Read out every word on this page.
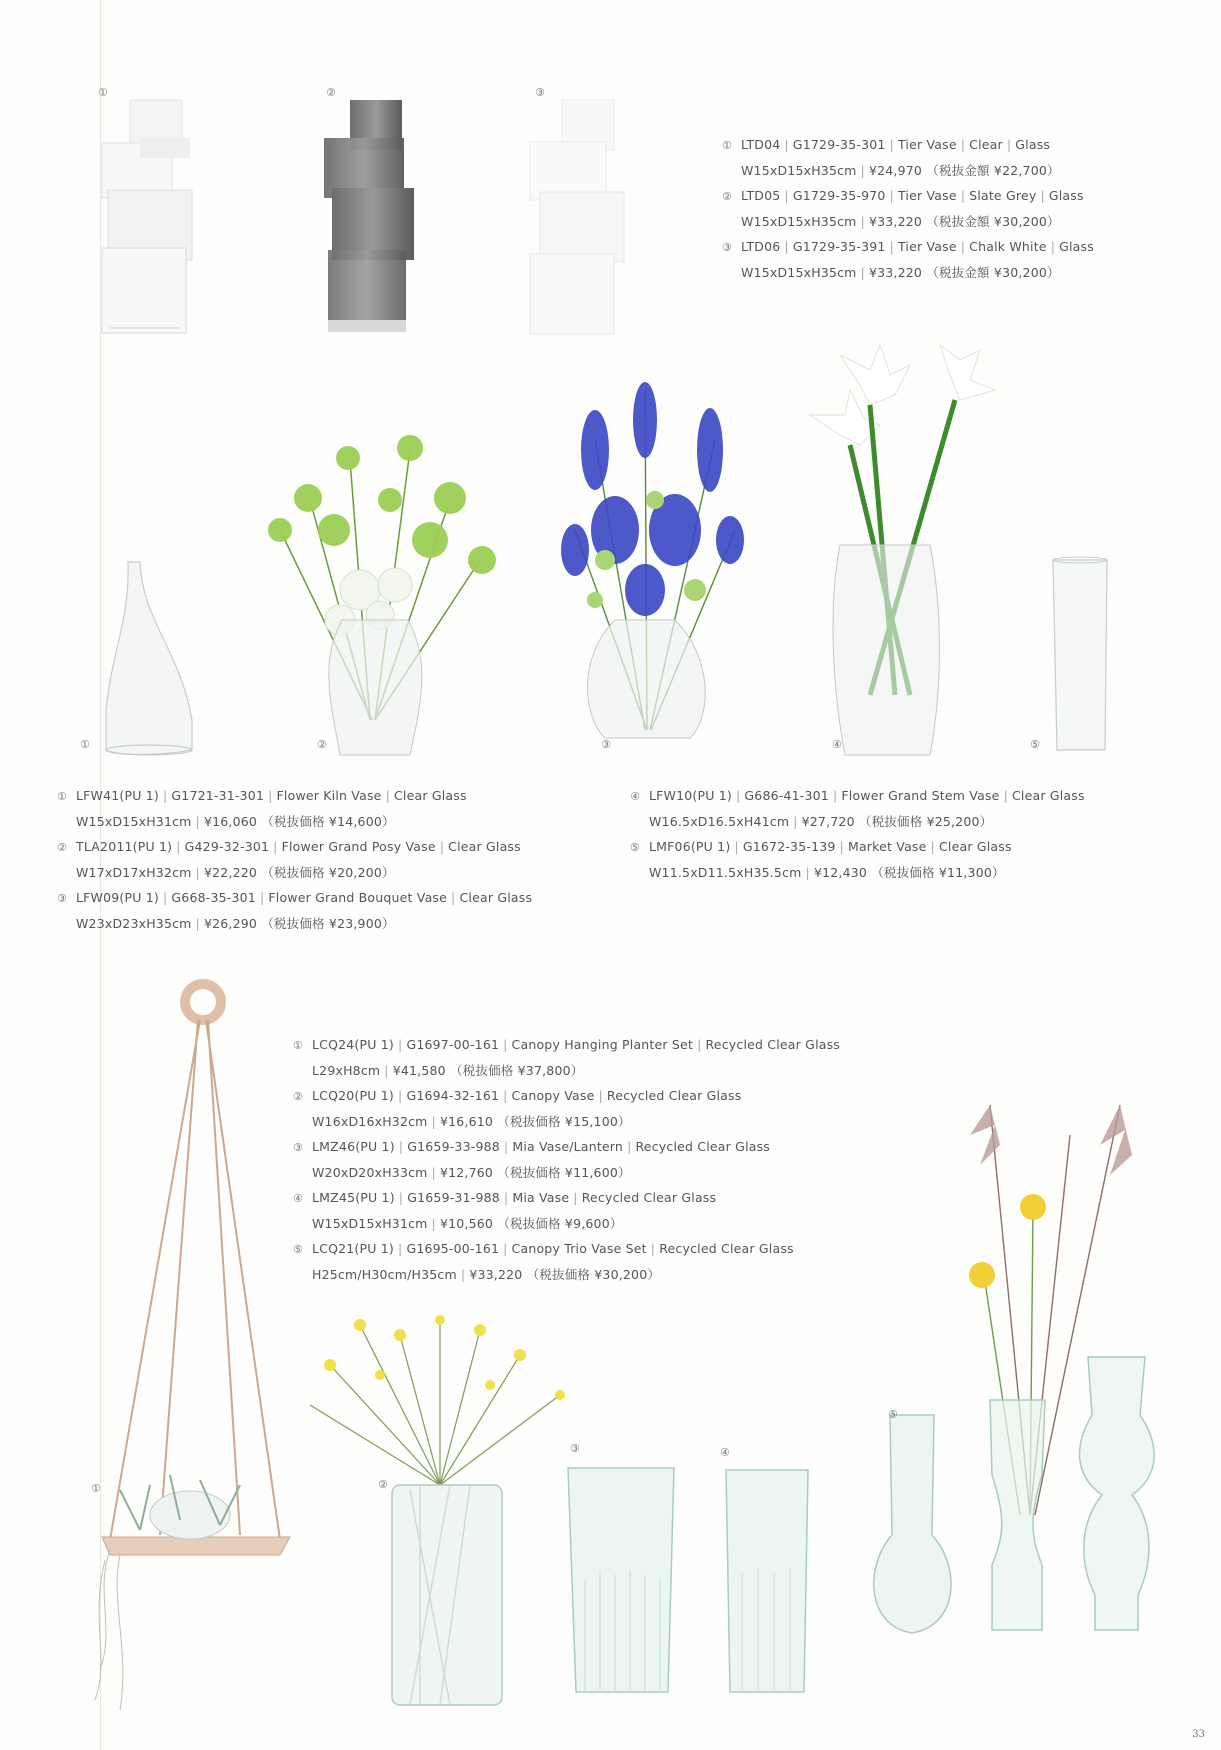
①	②	③
① LTD04 | G1729-35-301 | Tier Vase | Clear | Glass
W15xD15xH35cm | ¥24,970 （税抜金額 ¥22,700）
② LTD05 | G1729-35-970 | Tier Vase | Slate Grey | Glass
W15xD15xH35cm | ¥33,220 （税抜金額 ¥30,200）
③ LTD06 | G1729-35-391 | Tier Vase | Chalk White | Glass
W15xD15xH35cm | ¥33,220 （税抜金額 ¥30,200）
①	②	③	④	⑤
① LFW41(PU 1) | G1721-31-301 | Flower Kiln Vase | Clear Glass
W15xD15xH31cm | ¥16,060 （税抜価格 ¥14,600）
② TLA2011(PU 1) | G429-32-301 | Flower Grand Posy Vase | Clear Glass
W17xD17xH32cm | ¥22,220 （税抜価格 ¥20,200）
③ LFW09(PU 1) | G668-35-301 | Flower Grand Bouquet Vase | Clear Glass
W23xD23xH35cm | ¥26,290 （税抜価格 ¥23,900）
④ LFW10(PU 1) | G686-41-301 | Flower Grand Stem Vase | Clear Glass
W16.5xD16.5xH41cm | ¥27,720 （税抜価格 ¥25,200）
⑤ LMF06(PU 1) | G1672-35-139 | Market Vase | Clear Glass
W11.5xD11.5xH35.5cm | ¥12,430 （税抜価格 ¥11,300）
①
① LCQ24(PU 1) | G1697-00-161 | Canopy Hanging Planter Set | Recycled Clear Glass
L29xH8cm | ¥41,580 （税抜価格 ¥37,800）
② LCQ20(PU 1) | G1694-32-161 | Canopy Vase | Recycled Clear Glass
W16xD16xH32cm | ¥16,610 （税抜価格 ¥15,100）
③ LMZ46(PU 1) | G1659-33-988 | Mia Vase/Lantern | Recycled Clear Glass
W20xD20xH33cm | ¥12,760 （税抜価格 ¥11,600）
④ LMZ45(PU 1) | G1659-31-988 | Mia Vase | Recycled Clear Glass
W15xD15xH31cm | ¥10,560 （税抜価格 ¥9,600）
⑤ LCQ21(PU 1) | G1695-00-161 | Canopy Trio Vase Set | Recycled Clear Glass
H25cm/H30cm/H35cm | ¥33,220 （税抜価格 ¥30,200）
②
③	④
⑤
33
